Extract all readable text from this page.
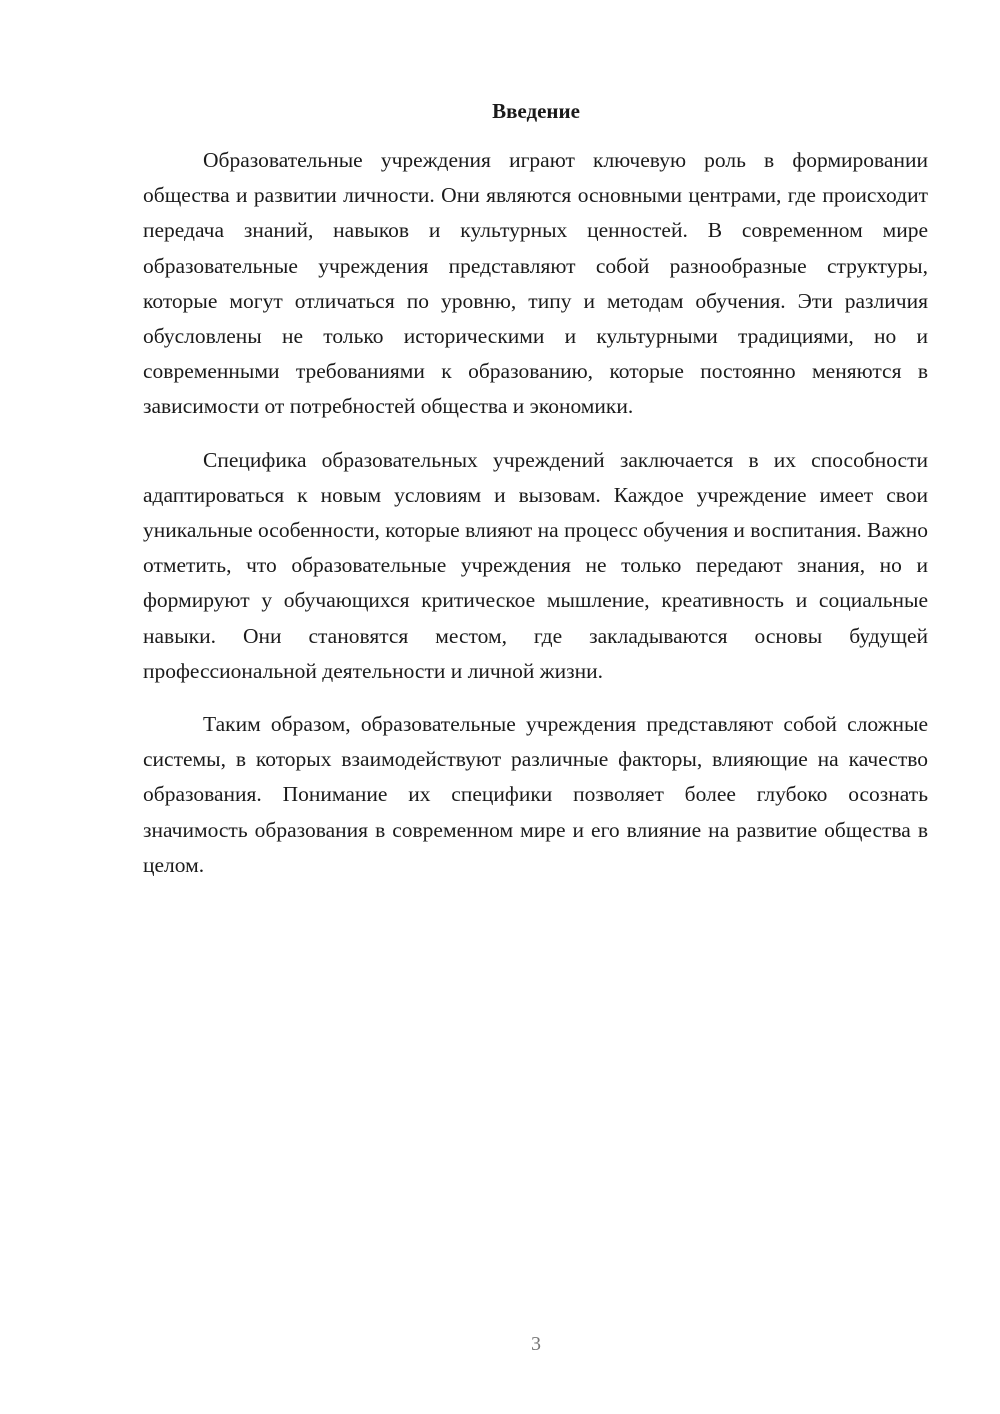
Введение

Образовательные учреждения играют ключевую роль в формировании общества и развитии личности. Они являются основными центрами, где происходит передача знаний, навыков и культурных ценностей. В современном мире образовательные учреждения представляют собой разнообразные структуры, которые могут отличаться по уровню, типу и методам обучения. Эти различия обусловлены не только историческими и культурными традициями, но и современными требованиями к образованию, которые постоянно меняются в зависимости от потребностей общества и экономики.

Специфика образовательных учреждений заключается в их способности адаптироваться к новым условиям и вызовам. Каждое учреждение имеет свои уникальные особенности, которые влияют на процесс обучения и воспитания. Важно отметить, что образовательные учреждения не только передают знания, но и формируют у обучающихся критическое мышление, креативность и социальные навыки. Они становятся местом, где закладываются основы будущей профессиональной деятельности и личной жизни.

Таким образом, образовательные учреждения представляют собой сложные системы, в которых взаимодействуют различные факторы, влияющие на качество образования. Понимание их специфики позволяет более глубоко осознать значимость образования в современном мире и его влияние на развитие общества в целом.

3
